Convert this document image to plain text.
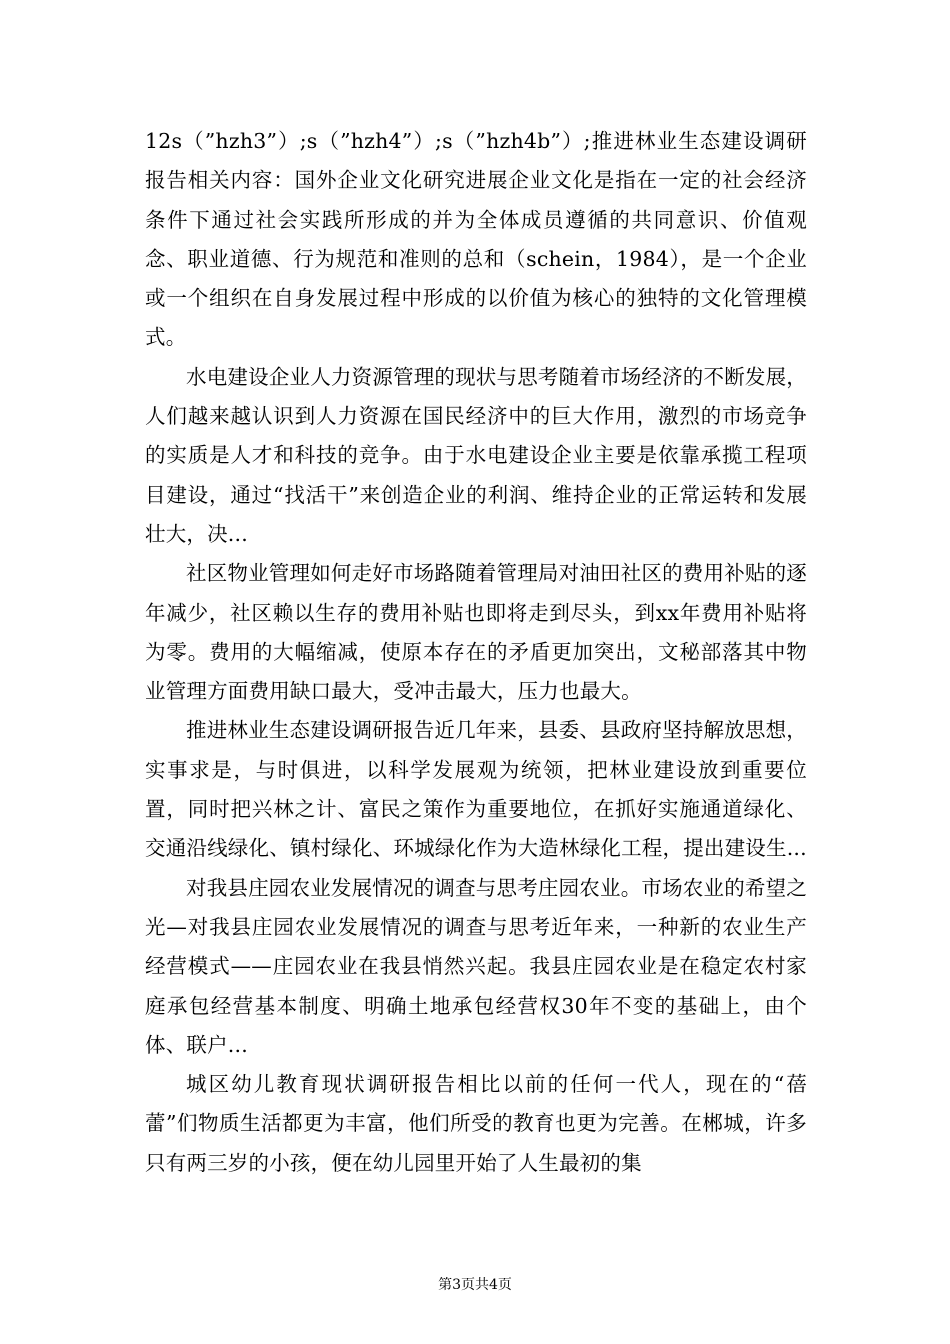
12s（”hzh3”）;s（”hzh4”）;s（”hzh4b”）;推进林业生态建设调研报告相关内容：国外企业文化研究进展企业文化是指在一定的社会经济条件下通过社会实践所形成的并为全体成员遵循的共同意识、价值观念、职业道德、行为规范和准则的总和（schein，1984），是一个企业或一个组织在自身发展过程中形成的以价值为核心的独特的文化管理模式。

水电建设企业人力资源管理的现状与思考随着市场经济的不断发展，人们越来越认识到人力资源在国民经济中的巨大作用，激烈的市场竞争的实质是人才和科技的竞争。由于水电建设企业主要是依靠承揽工程项目建设，通过“找活干”来创造企业的利润、维持企业的正常运转和发展壮大，决...

社区物业管理如何走好市场路随着管理局对油田社区的费用补贴的逐年减少，社区赖以生存的费用补贴也即将走到尽头，到xx年费用补贴将为零。费用的大幅缩减，使原本存在的矛盾更加突出，文秘部落其中物业管理方面费用缺口最大，受冲击最大，压力也最大。

推进林业生态建设调研报告近几年来，县委、县政府坚持解放思想，实事求是，与时俱进，以科学发展观为统领，把林业建设放到重要位置，同时把兴林之计、富民之策作为重要地位，在抓好实施通道绿化、交通沿线绿化、镇村绿化、环城绿化作为大造林绿化工程，提出建设生...

对我县庄园农业发展情况的调查与思考庄园农业。市场农业的希望之光—对我县庄园农业发展情况的调查与思考近年来，一种新的农业生产经营模式——庄园农业在我县悄然兴起。我县庄园农业是在稳定农村家庭承包经营基本制度、明确土地承包经营权30年不变的基础上，由个体、联户...

城区幼儿教育现状调研报告相比以前的任何一代人，现在的“蓓蕾”们物质生活都更为丰富，他们所受的教育也更为完善。在郴城，许多只有两三岁的小孩，便在幼儿园里开始了人生最初的集

第3页共4页
